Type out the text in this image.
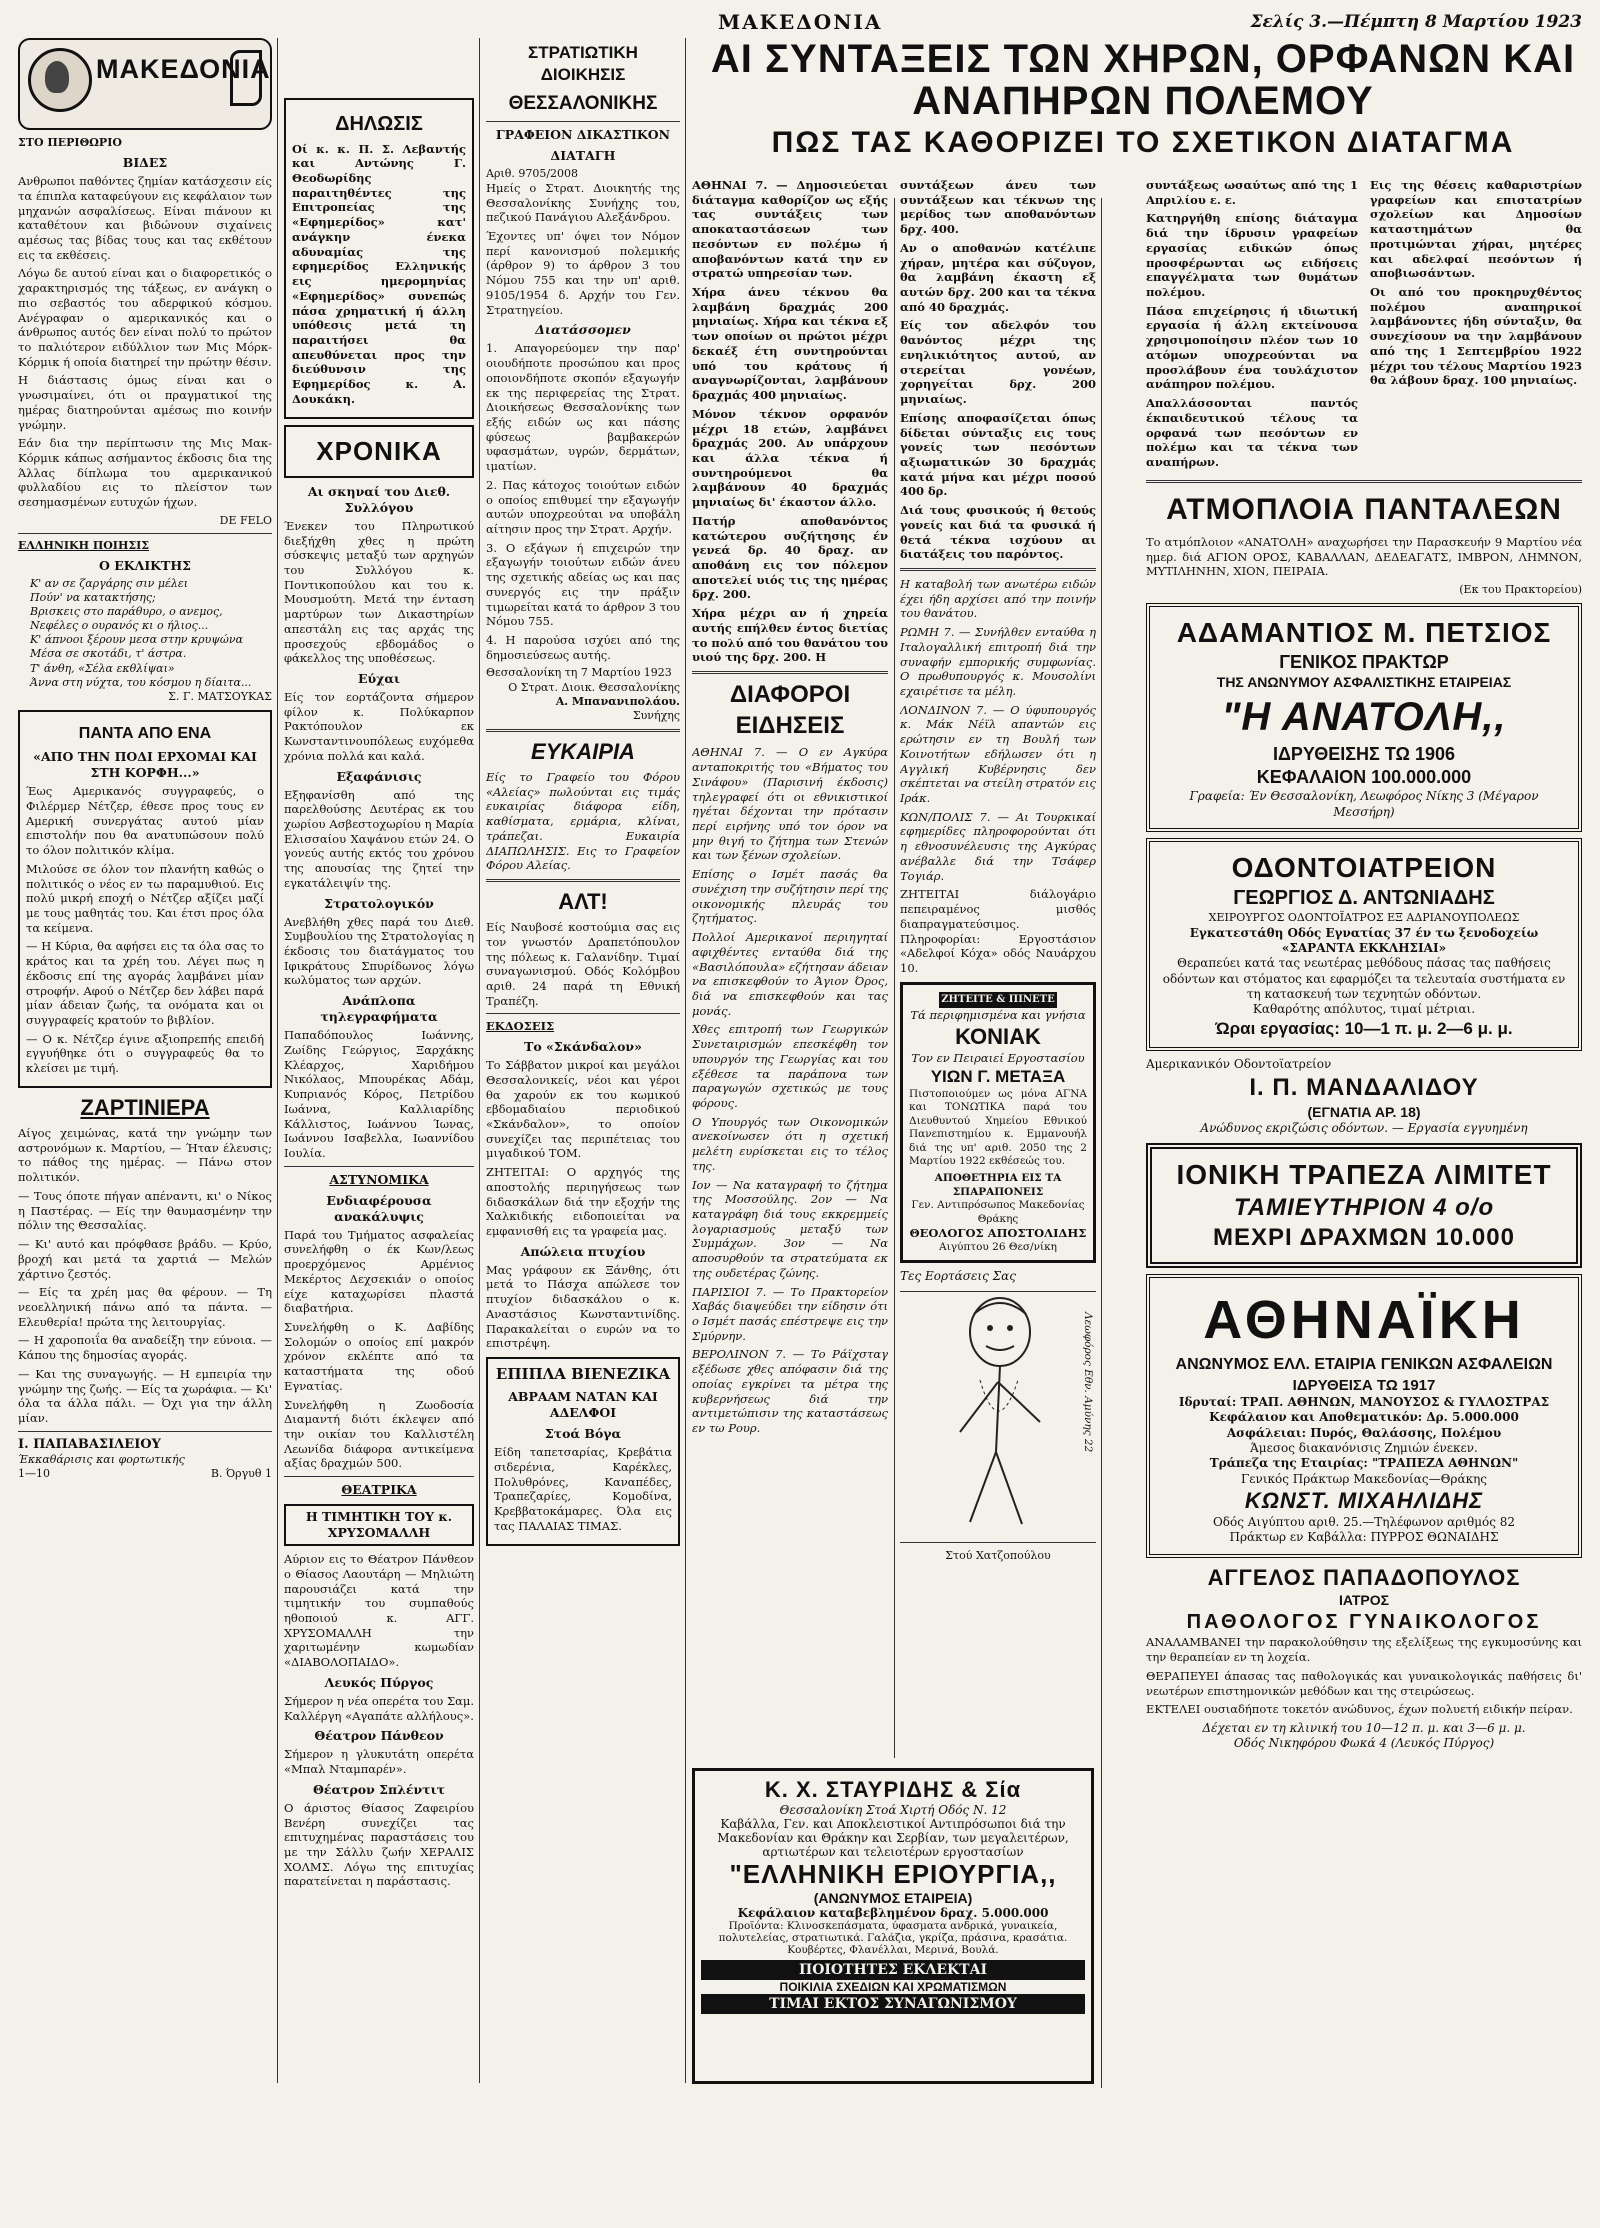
ΜΑΚΕΔΟΝΙΑ	Σελίς 3.—Πέμπτη 8 Μαρτίου 1923
ΜΑΚΕΔΟΝΙΑ
ΣΤΟ ΠΕΡΙΘΩΡΙΟ
ΒΙΔΕΣ

Ανθρωποι παθόντες ζημίαν κατάσχεσιν είς τα έπιπλα καταφεύγουν εις κεφάλαιον των μηχανών ασφαλίσεως. Είναι πιάνουν κι καταθέτουν και βιδώνουν σιχαίνεις αμέσως τας βίδας τους και τας εκθέτουν εις τα εκθέσεις.

Λόγω δε αυτού είναι και ο διαφορετικός ο χαρακτηρισμός της τάξεως, εν ανάγκη ο πιο σεβαστός του αδερφικού κόσμου. Ανέγραφαν ο αμερικανικός και ο άνθρωπος αυτός δεν είναι πολύ το πρώτον το παλιότερον ειδύλλιον των Μις Μόρκ-Κόρμικ ή οποία διατηρεί την πρώτην θέσιν.

Η διάστασις όμως είναι και ο γνωσιμαίνει, ότι οι πραγματικοί της ημέρας διατηρούνται αμέσως πιο κοινήν γνώμην.

Εάν δια την περίπτωσιν της Μις Μακ-Κόρμικ κάπως ασήμαντος έκδοσις δια της Άλλας δίπλωμα του αμερικανικού φυλλαδίου εις το πλείστον των σεσημασμένων ευτυχών ήχων.

DE FELO
ΕΛΛΗΝΙΚΗ ΠΟΙΗΣΙΣ
Ο ΕΚΛΙΚΤΗΣ
Κ' αν σε ζαργάρης σιν μέλει
Πούν' να κατακτήσης;
Βρισκεις στο παράθυρο, ο ανεμος,
Νεφέλες ο ουρανός κι ο ήλιος...
Κ' άπνοοι ξέρουν μεσα στην κρυψώνα
Μέσα σε σκοτάδι, τ' άστρα.
Τ' άνθη, «Σέλα εκθλίψαι»
Άννα στη νύχτα, του κόσμου η δίαιτα...
Σ. Γ. ΜΑΤΣΟΥΚΑΣ
ΠΑΝΤΑ ΑΠΟ ΕΝΑ
«ΑΠΟ ΤΗΝ ΠΟΔΙ ΕΡΧΟΜΑΙ ΚΑΙ ΣΤΗ ΚΟΡΦΗ...»

Έως Αμερικανός συγγραφεύς, ο Φιλέρμερ Νέτζερ, έθεσε προς τους εν Αμερική συνεργάτας αυτού μίαν επιστολήν που θα ανατυπώσουν πολύ το όλον πολιτικόν κλίμα.

Μιλούσε σε όλον τον πλανήτη καθώς ο πολιτικός ο νέος εν τω παραμυθιού. Εις πολύ μικρή εποχή ο Νέτζερ αξίζει μαζί με τους μαθητάς του. Και έτσι προς όλα τα κείμενα.

— Η Κύρια, θα αφήσει εις τα όλα σας το κράτος και τα χρέη του. Λέγει πως η έκδοσις επί της αγοράς λαμβάνει μίαν στροφήν. Αφού ο Νέτζερ δεν λάβει παρά μίαν άδειαν ζωής, τα ονόματα και οι συγγραφείς κρατούν το βιβλίον.

— Ο κ. Νέτζερ έγινε αξιοπρεπής επειδή εγγυήθηκε ότι ο συγγραφεύς θα το κλείσει με τιμή.

ΖΑΡΤΙΝΙΕΡΑ

Αίγος χειμώνας, κατά την γνώμην των αστρονόμων κ. Μαρτίου, — Ήταν έλευσις; το πάθος της ημέρας. — Πάνω στον πολιτικόν.

— Τους όποτε πήγαν απέναντι, κι' ο Νίκος η Παστέρας. — Είς την θαυμασμένην την πόλιν της Θεσσαλίας.

— Κι' αυτό και πρόφθασε βράδυ. — Κρύο, βροχή και μετά τα χαρτιά — Μελών χάρτινο ζεστός.

— Είς τα χρέη μας θα φέρουν. — Τη νεοελληνική πάνω από τα πάντα. — Ελευθερία! πρώτα της λειτουργίας.

— Η χαροποιΐα θα αναδείξη την εύνοια. — Κάπου της δημοσίας αγοράς.

— Και της συναγωγής. — Η εμπειρία την γνώμην της ζωής. — Είς τα χωράφια. — Κι' όλα τα άλλα πάλι. — Όχι για την άλλη μίαν.

Ι. ΠΑΠΑΒΑΣΙΛΕΙΟΥ
Έκκαθάρισις και φορτωτικής
1—10	Β. Όργυθ 1
ΔΗΛΩΣΙΣ

Οί κ. κ. Π. Σ. Λεβαντής και Αντώνης Γ. Θεοδωρίδης παραιτηθέντες της Επιτροπείας της «Εφημερίδος» κατ' ανάγκην ένεκα αδυναμίας της εφημερίδος Ελληνικής εις ημερομηνίας «Εφημερίδος» συνεπώς πάσα χρηματική ή άλλη υπόθεσις μετά τη παραιτήσει θα απευθύνεται προς την διεύθυνσιν της Εφημερίδος κ. Α. Δουκάκη.

ΧΡΟΝΙΚΑ
Αι σκηναί του Διεθ. Συλλόγου

Ένεκεν του Πληρωτικού διεξήχθη χθες η πρώτη σύσκεψις μεταξύ των αρχηγών του Συλλόγου κ. Ποντικοπούλου και του κ. Μουσμούτη. Μετά την ένταση μαρτύρων των Δικαστηρίων απεστάλη εις τας αρχάς της προσεχούς εβδομάδος ο φάκελλος της υποθέσεως.

Εύχαι

Είς τον εορτάζοντα σήμερον φίλον κ. Πολύκαρπον Ρακτόπουλον εκ Κωνσταντινουπόλεως ευχόμεθα χρόνια πολλά και καλά.

Εξαφάνισις

Εξηφανίσθη από της παρελθούσης Δευτέρας εκ του χωρίου Ασβεστοχωρίου η Μαρία Ελισσαίου Χαψάνου ετών 24. Ο γονεύς αυτής εκτός του χρόνου της απουσίας της ζητεί την εγκατάλειψίν της.

Στρατολογικόν

Ανεβλήθη χθες παρά του Διεθ. Συμβουλίου της Στρατολογίας η έκδοσις του διατάγματος του Ιφικράτους Σπυρίδωνος λόγω κωλύματος των αρχών.

Ανάπλοπα τηλεγραφήματα

Παπαδόπουλος Ιωάννης, Ζωίδης Γεώργιος, Ξαρχάκης Κλέαρχος, Χαριδήμου Νικόλαος, Μπουρέκας Αδάμ, Κυπριανός Κόρος, Πετρίδου Ιωάννα, Καλλιαρίδης Κάλλιστος, Ιωάννου Ίωνας, Ιωάννου Ισαβελλα, Ιωαννίδου Ιουλία.

ΑΣΤΥΝΟΜΙΚΑ
Ενδιαφέρουσα ανακάλυψις

Παρά του Τμήματος ασφαλείας συνελήφθη ο έκ Κων/λεως προερχόμενος Αρμένιος Μεκέρτος Δεχσεκιάν ο οποίος είχε καταχωρίσει πλαστά διαβατήρια.

Συνελήφθη ο Κ. Δαβίδης Σολομών ο οποίος επί μακρόν χρόνον εκλέπτε από τα καταστήματα της οδού Εγνατίας.

Συνελήφθη η Ζωοδοσία Διαμαντή διότι έκλεψεν από την οικίαν του Καλλιστέλη Λεωνίδα διάφορα αντικείμενα αξίας δραχμών 500.

ΘΕΑΤΡΙΚΑ
Η ΤΙΜΗΤΙΚΗ ΤΟΥ κ. ΧΡΥΣΟΜΑΛΛΗ

Αύριον εις το Θέατρον Πάνθεον ο Θίασος Λαουτάρη — Μηλιώτη παρουσιάζει κατά την τιμητικήν του συμπαθούς ηθοποιού κ. ΑΓΓ. ΧΡΥΣΟΜΑΛΛΗ την χαριτωμένην κωμωδίαν «ΔΙΑΒΟΛΟΠΑΙΔΟ».

Λευκός Πύργος

Σήμερον η νέα οπερέτα του Σαμ. Καλλέργη «Αγαπάτε αλλήλους».

Θέατρον Πάνθεον

Σήμερον η γλυκυτάτη οπερέτα «Μπαλ Νταμπαρέν».

Θέατρον Σπλέντιτ

Ο άριστος Θίασος Ζαφειρίου Βενέρη συνεχίζει τας επιτυχημένας παραστάσεις του με την Σάλλυ ζωήν ΧΕΡΑΛΙΣ ΧΟΛΜΣ. Λόγω της επιτυχίας παρατείνεται η παράστασις.

ΣΤΡΑΤΙΩΤΙΚΗ ΔΙΟΙΚΗΣΙΣ
ΘΕΣΣΑΛΟΝΙΚΗΣ
ΓΡΑΦΕΙΟΝ ΔΙΚΑΣΤΙΚΟΝ
ΔΙΑΤΑΓΗ
Αριθ. 9705/2008

Ημείς ο Στρατ. Διοικητής της Θεσσαλονίκης Συνήχης του, πεζικού Πανάγιου Αλεξάνδρου.

Έχοντες υπ' όψει τον Νόμον περί κανονισμού πολεμικής (άρθρον 9) το άρθρον 3 του Νόμου 755 και την υπ' αριθ. 9105/1954 δ. Αρχήν του Γεν. Στρατηγείου.

Διατάσσομεν

1. Απαγορεύομεν την παρ' οιουδήποτε προσώπου και προς οποιονδήποτε σκοπόν εξαγωγήν εκ της περιφερείας της Στρατ. Διοικήσεως Θεσσαλονίκης των εξής ειδών ως και πάσης φύσεως βαμβακερών υφασμάτων, υγρών, δερμάτων, ιματίων.

2. Πας κάτοχος τοιούτων ειδών ο οποίος επιθυμεί την εξαγωγήν αυτών υποχρεούται να υποβάλη αίτησιν προς την Στρατ. Αρχήν.

3. Ο εξάγων ή επιχειρών την εξαγωγήν τοιούτων ειδών άνευ της σχετικής αδείας ως και πας συνεργός εις την πράξιν τιμωρείται κατά το άρθρον 3 του Νόμου 755.

4. Η παρούσα ισχύει από της δημοσιεύσεως αυτής.

Θεσσαλονίκη τη 7 Μαρτίου 1923
Ο Στρατ. Διοικ. Θεσσαλονίκης
Α. Μπανανιπολάου.
Συνήχης
ΕΥΚΑΙΡΙΑ

Είς το Γραφείο του Φόρου «Αλείας» πωλούνται εις τιμάς ευκαιρίας διάφορα είδη, καθίσματα, ερμάρια, κλίναι, τράπεζαι. Ευκαιρία ΔΙΑΠΩΛΗΣΙΣ. Εις το Γραφείον Φόρου Αλείας.

ΑΛΤ!

Είς Ναυβοσέ κοστούμια σας εις τον γνωστόν Δραπετόπουλον της πόλεως κ. Γαλανίδην. Τιμαί συναγωνισμού. Οδός Κολόμβου αριθ. 24 παρά τη Εθνική Τραπέζη.

ΕΚΔΟΣΕΙΣ
Το «Σκάνδαλον»

Το Σάββατον μικροί και μεγάλοι Θεσσαλονικείς, νέοι και γέροι θα χαρούν εκ του κωμικού εβδομαδιαίου περιοδικού «Σκάνδαλον», το οποίον συνεχίζει τας περιπέτειας του μιγαδικού ΤΟΜ.

ΖΗΤΕΙΤΑΙ: Ο αρχηγός της αποστολής περιηγήσεως των διδασκάλων διά την εξοχήν της Χαλκιδικής ειδοποιείται να εμφανισθή εις τα γραφεία μας.

Απώλεια πτυχίου

Μας γράφουν εκ Ξάνθης, ότι μετά το Πάσχα απώλεσε τον πτυχίον διδασκάλου ο κ. Αναστάσιος Κωνσταντινίδης. Παρακαλείται ο ευρών να το επιστρέψη.

ΕΠΙΠΛΑ ΒΙΕΝΕΖΙΚΑ
ΑΒΡΑΑΜ ΝΑΤΑΝ ΚΑΙ ΑΔΕΛΦΟΙ
Στοά Βόγα

Είδη ταπετσαρίας, Κρεβάτια σιδερένια, Καρέκλες, Πολυθρόνες, Καναπέδες, Τραπεζαρίες, Κομοδίνα, Κρεββατοκάμαρες. Όλα εις τας ΠΑΛΑΙΑΣ ΤΙΜΑΣ.

ΑΙ ΣΥΝΤΑΞΕΙΣ ΤΩΝ ΧΗΡΩΝ, ΟΡΦΑΝΩΝ ΚΑΙ ΑΝΑΠΗΡΩΝ ΠΟΛΕΜΟΥ
ΠΩΣ ΤΑΣ ΚΑΘΟΡΙΖΕΙ ΤΟ ΣΧΕΤΙΚΟΝ ΔΙΑΤΑΓΜΑ

ΑΘΗΝΑΙ 7. — Δημοσιεύεται διάταγμα καθορίζον ως εξής τας συντάξεις των αποκαταστάσεων των πεσόντων εν πολέμω ή αποβανόντων κατά την εν στρατώ υπηρεσίαν των.

Χήρα άνευ τέκνου θα λαμβάνη δραχμάς 200 μηνιαίως. Χήρα και τέκνα εξ των οποίων οι πρώτοι μέχρι δεκαέξ έτη συντηρούνται υπό του κράτους ή αναγνωρίζονται, λαμβάνουν δραχμάς 400 μηνιαίως.

Μόνον τέκνον ορφανόν μέχρι 18 ετών, λαμβάνει δραχμάς 200. Αν υπάρχουν και άλλα τέκνα ή συντηρούμενοι θα λαμβάνουν 40 δραχμάς μηνιαίως δι' έκαστον άλλο.

Πατήρ αποθανόντος κατώτερου συζήτησης έν γενεά δρ. 40 δραχ. αν αποθάνη εις τον πόλεμον αποτελεί υιός τις της ημέρας δρχ. 200.

Χήρα μέχρι αν ή χηρεία αυτής επήλθεν έντος διετίας το πολύ από του θανάτου του υιού της δρχ. 200. Η

ΔΙΑΦΟΡΟΙ ΕΙΔΗΣΕΙΣ

ΑΘΗΝΑΙ 7. — Ο εν Αγκύρα ανταποκριτής του «Βήματος του Σινάφου» (Παρισινή έκδοσις) τηλεγραφεί ότι οι εθνικιστικοί ηγέται δέχονται την πρότασιν περί ειρήνης υπό τον όρον να μην θιγή το ζήτημα των Στενών και των ξένων σχολείων.

Επίσης ο Ισμέτ πασάς θα συνέχιση την συζήτησιν περί της οικονομικής πλευράς του ζητήματος.

Πολλοί Αμερικανοί περιηγηταί αφιχθέντες ενταύθα διά της «Βασιλόπουλα» εζήτησαν άδειαν να επισκεφθούν το Άγιον Όρος, διά να επισκεφθούν και τας μονάς.

Χθες επιτροπή των Γεωργικών Συνεταιρισμών επεσκέφθη τον υπουργόν της Γεωργίας και του εξέθεσε τα παράπονα των παραγωγών σχετικώς με τους φόρους.

Ο Υπουργός των Οικονομικών ανεκοίνωσεν ότι η σχετική μελέτη ευρίσκεται εις το τέλος της.

Ιον — Να καταγραφή το ζήτημα της Μοσσούλης. 2ον — Να καταγράφη διά τους εκκρεμμείς λογαριασμούς μεταξύ των Συμμάχων. 3ον — Να αποσυρθούν τα στρατεύματα εκ της ουδετέρας ζώνης.

ΠΑΡΙΣΙΟΙ 7. — Το Πρακτορείον Χαβάς διαψεύδει την είδησιν ότι ο Ισμέτ πασάς επέστρεψε εις την Σμύρνην.

ΒΕΡΟΛΙΝΟΝ 7. — Το Ράϊχσταγ εξέδωσε χθες απόφασιν διά της οποίας εγκρίνει τα μέτρα της κυβερνήσεως διά την αντιμετώπισιν της καταστάσεως εν τω Ρουρ.

συντάξεων άνευ των συντάξεων και τέκνων της μερίδος των αποθανόντων δρχ. 400.

Αν ο αποθανών κατέλιπε χήραν, μητέρα και σύζυγον, θα λαμβάνη έκαστη εξ αυτών δρχ. 200 και τα τέκνα από 40 δραχμάς.

Είς τον αδελφόν του θανόντος μέχρι της ενηλικιότητος αυτού, αν στερείται γονέων, χορηγείται δρχ. 200 μηνιαίως.

Επίσης αποφασίζεται όπως δίδεται σύνταξις εις τους γονείς των πεσόντων αξιωματικών 30 δραχμάς κατά μήνα και μέχρι ποσού 400 δρ.

Διά τους φυσικούς ή θετούς γονείς και διά τα φυσικά ή θετά τέκνα ισχύουν αι διατάξεις του παρόντος.

Η καταβολή των ανωτέρω ειδών έχει ήδη αρχίσει από την ποινήν του θανάτου.

ΡΩΜΗ 7. — Συνήλθεν ενταύθα η Ιταλογαλλική επιτροπή διά την συναφήν εμπορικής συμφωνίας. Ο πρωθυπουργός κ. Μουσολίνι εχαιρέτισε τα μέλη.

ΛΟΝΔΙΝΟΝ 7. — Ο ύφυπουργός κ. Μάκ Νέϊλ απαντών εις ερώτησιν εν τη Βουλή των Κοινοτήτων εδήλωσεν ότι η Αγγλική Κυβέρνησις δεν σκέπτεται να στείλη στρατόν εις Ιράκ.

ΚΩΝ/ΠΟΛΙΣ 7. — Αι Τουρκικαί εφημερίδες πληροφορούνται ότι η εθνοσυνέλευσις της Αγκύρας ανέβαλλε διά την Τσάφερ Τογιάρ.

ΖΗΤΕΙΤΑΙ διάλογάριο πεπειραμένος μισθός διαπραγματεύσιμος. Πληροφορίαι: Εργοστάσιον «Αδελφοί Κόχα» οδός Ναυάρχου 10.

ΖΗΤΕΙΤΕ & ΠΙΝΕΤΕ
Τά περιφημισμένα και γνήσια
ΚΟΝΙΑΚ
Τον εν Πειραιεί Εργοστασίου
ΥΙΩΝ Γ. ΜΕΤΑΞΑ

Πιστοποιούμεν ως μόνα ΑΓΝΑ και ΤΟΝΩΤΙΚΑ παρά του Διευθυντού Χημείου Εθνικού Πανεπιστημίου κ. Εμμανουήλ διά της υπ' αριθ. 2050 της 2 Μαρτίου 1922 εκθέσεώς του.

ΑΠΟΘΕΤΗΡΙΑ ΕΙΣ ΤΑ ΣΠΑΡΑΠΟΝΕΙΣ
Γεν. Αντιπρόσωπος Μακεδονίας Θράκης
ΘΕΟΛΟΓΟΣ ΑΠΟΣΤΟΛΙΔΗΣ
Αιγύπτου 26 Θεσ/νίκη
Τες Εορτάσεις Σας
Λεωφόρος Εθν. Αμύνης 22
Στού Χατζοπούλου

συντάξεως ωσαύτως από της 1 Απριλίου ε. ε.

Κατηργήθη επίσης διάταγμα διά την ίδρυσιν γραφείων εργασίας ειδικών όπως προσφέρωνται ως ειδήσεις επαγγέλματα των θυμάτων πολέμου.

Πάσα επιχείρησις ή ιδιωτική εργασία ή άλλη εκτείνουσα χρησιμοποίησιν πλέον των 10 ατόμων υποχρεούνται να προσλάβουν ένα τουλάχιστον ανάπηρον πολέμου.

Απαλλάσσονται παντός έκπαιδευτικού τέλους τα ορφανά των πεσόντων εν πολέμω και τα τέκνα των αναπήρων.

Εις της θέσεις καθαριστρίων γραφείων και επιστατρίων σχολείων και Δημοσίων καταστημάτων θα προτιμώνται χήραι, μητέρες και αδελφαί πεσόντων ή αποβιωσάντων.

Οι από του προκηρυχθέντος πολέμου αναπηρικοί λαμβάνοντες ήδη σύνταξιν, θα συνεχίσουν να την λαμβάνουν από της 1 Σεπτεμβρίου 1922 μέχρι του τέλους Μαρτίου 1923 θα λάβουν δραχ. 100 μηνιαίως.

ΑΤΜΟΠΛΟΙΑ ΠΑΝΤΑΛΕΩΝ

Το ατμόπλοιον «ΑΝΑΤΟΛΗ» αναχωρήσει την Παρασκευήν 9 Μαρτίου νέα ημερ. διά ΑΓΙΟΝ ΟΡΟΣ, ΚΑΒΑΛΛΑΝ, ΔΕΔΕΑΓΑΤΣ, ΙΜΒΡΟΝ, ΛΗΜΝΟΝ, ΜΥΤΙΛΗΝΗΝ, ΧΙΟΝ, ΠΕΙΡΑΙΑ.

(Εκ του Πρακτορείου)
ΑΔΑΜΑΝΤΙΟΣ Μ. ΠΕΤΣΙΟΣ
ΓΕΝΙΚΟΣ ΠΡΑΚΤΩΡ
ΤΗΣ ΑΝΩΝΥΜΟΥ ΑΣΦΑΛΙΣΤΙΚΗΣ ΕΤΑΙΡΕΙΑΣ
"Η ΑΝΑΤΟΛΗ,,
ΙΔΡΥΘΕΙΣΗΣ ΤΩ 1906
ΚΕΦΑΛΑΙΟΝ 100.000.000
Γραφεία: Έν Θεσσαλονίκη, Λεωφόρος Νίκης 3 (Μέγαρον Μεσσήρη)
ΟΔΟΝΤΟΙΑΤΡΕΙΟΝ
ΓΕΩΡΓΙΟΣ Δ. ΑΝΤΩΝΙΑΔΗΣ
ΧΕΙΡΟΥΡΓΟΣ ΟΔΟΝΤΟΪΑΤΡΟΣ ΕΞ ΑΔΡΙΑΝΟΥΠΟΛΕΩΣ
Εγκατεστάθη Οδός Εγνατίας 37 έν τω ξενοδοχείω «ΣΑΡΑΝΤΑ ΕΚΚΛΗΣΙΑΙ»
Θεραπεύει κατά τας νεωτέρας μεθόδους πάσας τας παθήσεις οδόντων και στόματος και εφαρμόζει τα τελευταία συστήματα εν τη κατασκευή των τεχνητών οδόντων.
Καθαρότης απόλυτος, τιμαί μέτριαι.
Ώραι εργασίας: 10—1 π. μ. 2—6 μ. μ.
Αμερικανικόν Οδοντοϊατρείον
Ι. Π. ΜΑΝΔΑΛΙΔΟΥ
(ΕΓΝΑΤΙΑ ΑΡ. 18)
Ανώδυνος εκριζώσις οδόντων. — Εργασία εγγυημένη
ΙΟΝΙΚΗ ΤΡΑΠΕΖΑ ΛΙΜΙΤΕΤ
ΤΑΜΙΕΥΤΗΡΙΟΝ 4 ο/ο
ΜΕΧΡΙ ΔΡΑΧΜΩΝ 10.000
ΑΘΗΝΑΪΚΗ
ΑΝΩΝΥΜΟΣ ΕΛΛ. ΕΤΑΙΡΙΑ ΓΕΝΙΚΩΝ ΑΣΦΑΛΕΙΩΝ
ΙΔΡΥΘΕΙΣΑ ΤΩ 1917
Ιδρυταί: ΤΡΑΠ. ΑΘΗΝΩΝ, ΜΑΝΟΥΣΟΣ & ΓΥΛΛΟΣΤΡΑΣ
Κεφάλαιον και Αποθεματικόν: Δρ. 5.000.000
Ασφάλειαι: Πυρός, Θαλάσσης, Πολέμου
Άμεσος διακανόνισις Ζημιών ένεκεν.
Τράπεζα της Εταιρίας: "ΤΡΑΠΕΖΑ ΑΘΗΝΩΝ"
Γενικός Πράκτωρ Μακεδονίας—Θράκης
ΚΩΝΣΤ. ΜΙΧΑΗΛΙΔΗΣ
Οδός Αιγύπτου αριθ. 25.—Τηλέφωνον αριθμός 82
Πράκτωρ εν Καβάλλα: ΠΥΡΡΟΣ ΘΩΝΑΙΔΗΣ
ΑΓΓΕΛΟΣ ΠΑΠΑΔΟΠΟΥΛΟΣ
ΙΑΤΡΟΣ
ΠΑΘΟΛΟΓΟΣ ΓΥΝΑΙΚΟΛΟΓΟΣ

ΑΝΑΛΑΜΒΑΝΕΙ την παρακολούθησιν της εξελίξεως της εγκυμοσύνης και την θεραπείαν εν τη λοχεία.

ΘΕΡΑΠΕΥΕΙ άπασας τας παθολογικάς και γυναικολογικάς παθήσεις δι' νεωτέρων επιστημονικών μεθόδων και της στειρώσεως.

ΕΚΤΕΛΕΙ ουσιαδήποτε τοκετόν ανώδυνος, έχων πολυετή ειδικήν πείραν.

Δέχεται εν τη κλινική του 10—12 π. μ. και 3—6 μ. μ.
Οδός Νικηφόρου Φωκά 4 (Λευκός Πύργος)
Κ. Χ. ΣΤΑΥΡΙΔΗΣ & Σία
Θεσσαλονίκη Στοά Χιρτή Οδός Ν. 12
Καβάλλα, Γεν. και Αποκλειστικοί Αντιπρόσωποι διά την Μακεδονίαν και Θράκην και Σερβίαν, των μεγαλειτέρων, αρτιωτέρων και τελειοτέρων εργοστασίων
"ΕΛΛΗΝΙΚΗ ΕΡΙΟΥΡΓΙΑ,,
(ΑΝΩΝΥΜΟΣ ΕΤΑΙΡΕΙΑ)
Κεφάλαιον καταβεβλημένον δραχ. 5.000.000
Προϊόντα: Κλινοσκεπάσματα, ύφασματα ανδρικά, γυναικεία, πολυτελείας, στρατιωτικά. Γαλάζια, γκρίζα, πράσινα, κρασάτια. Κουβέρτες, Φλανέλλαι, Μερινά, Βουλά.
ΠΟΙΟΤΗΤΕΣ ΕΚΛΕΚΤΑΙ
ΠΟΙΚΙΛΙΑ ΣΧΕΔΙΩΝ ΚΑΙ ΧΡΩΜΑΤΙΣΜΩΝ
ΤΙΜΑΙ ΕΚΤΟΣ ΣΥΝΑΓΩΝΙΣΜΟΥ
